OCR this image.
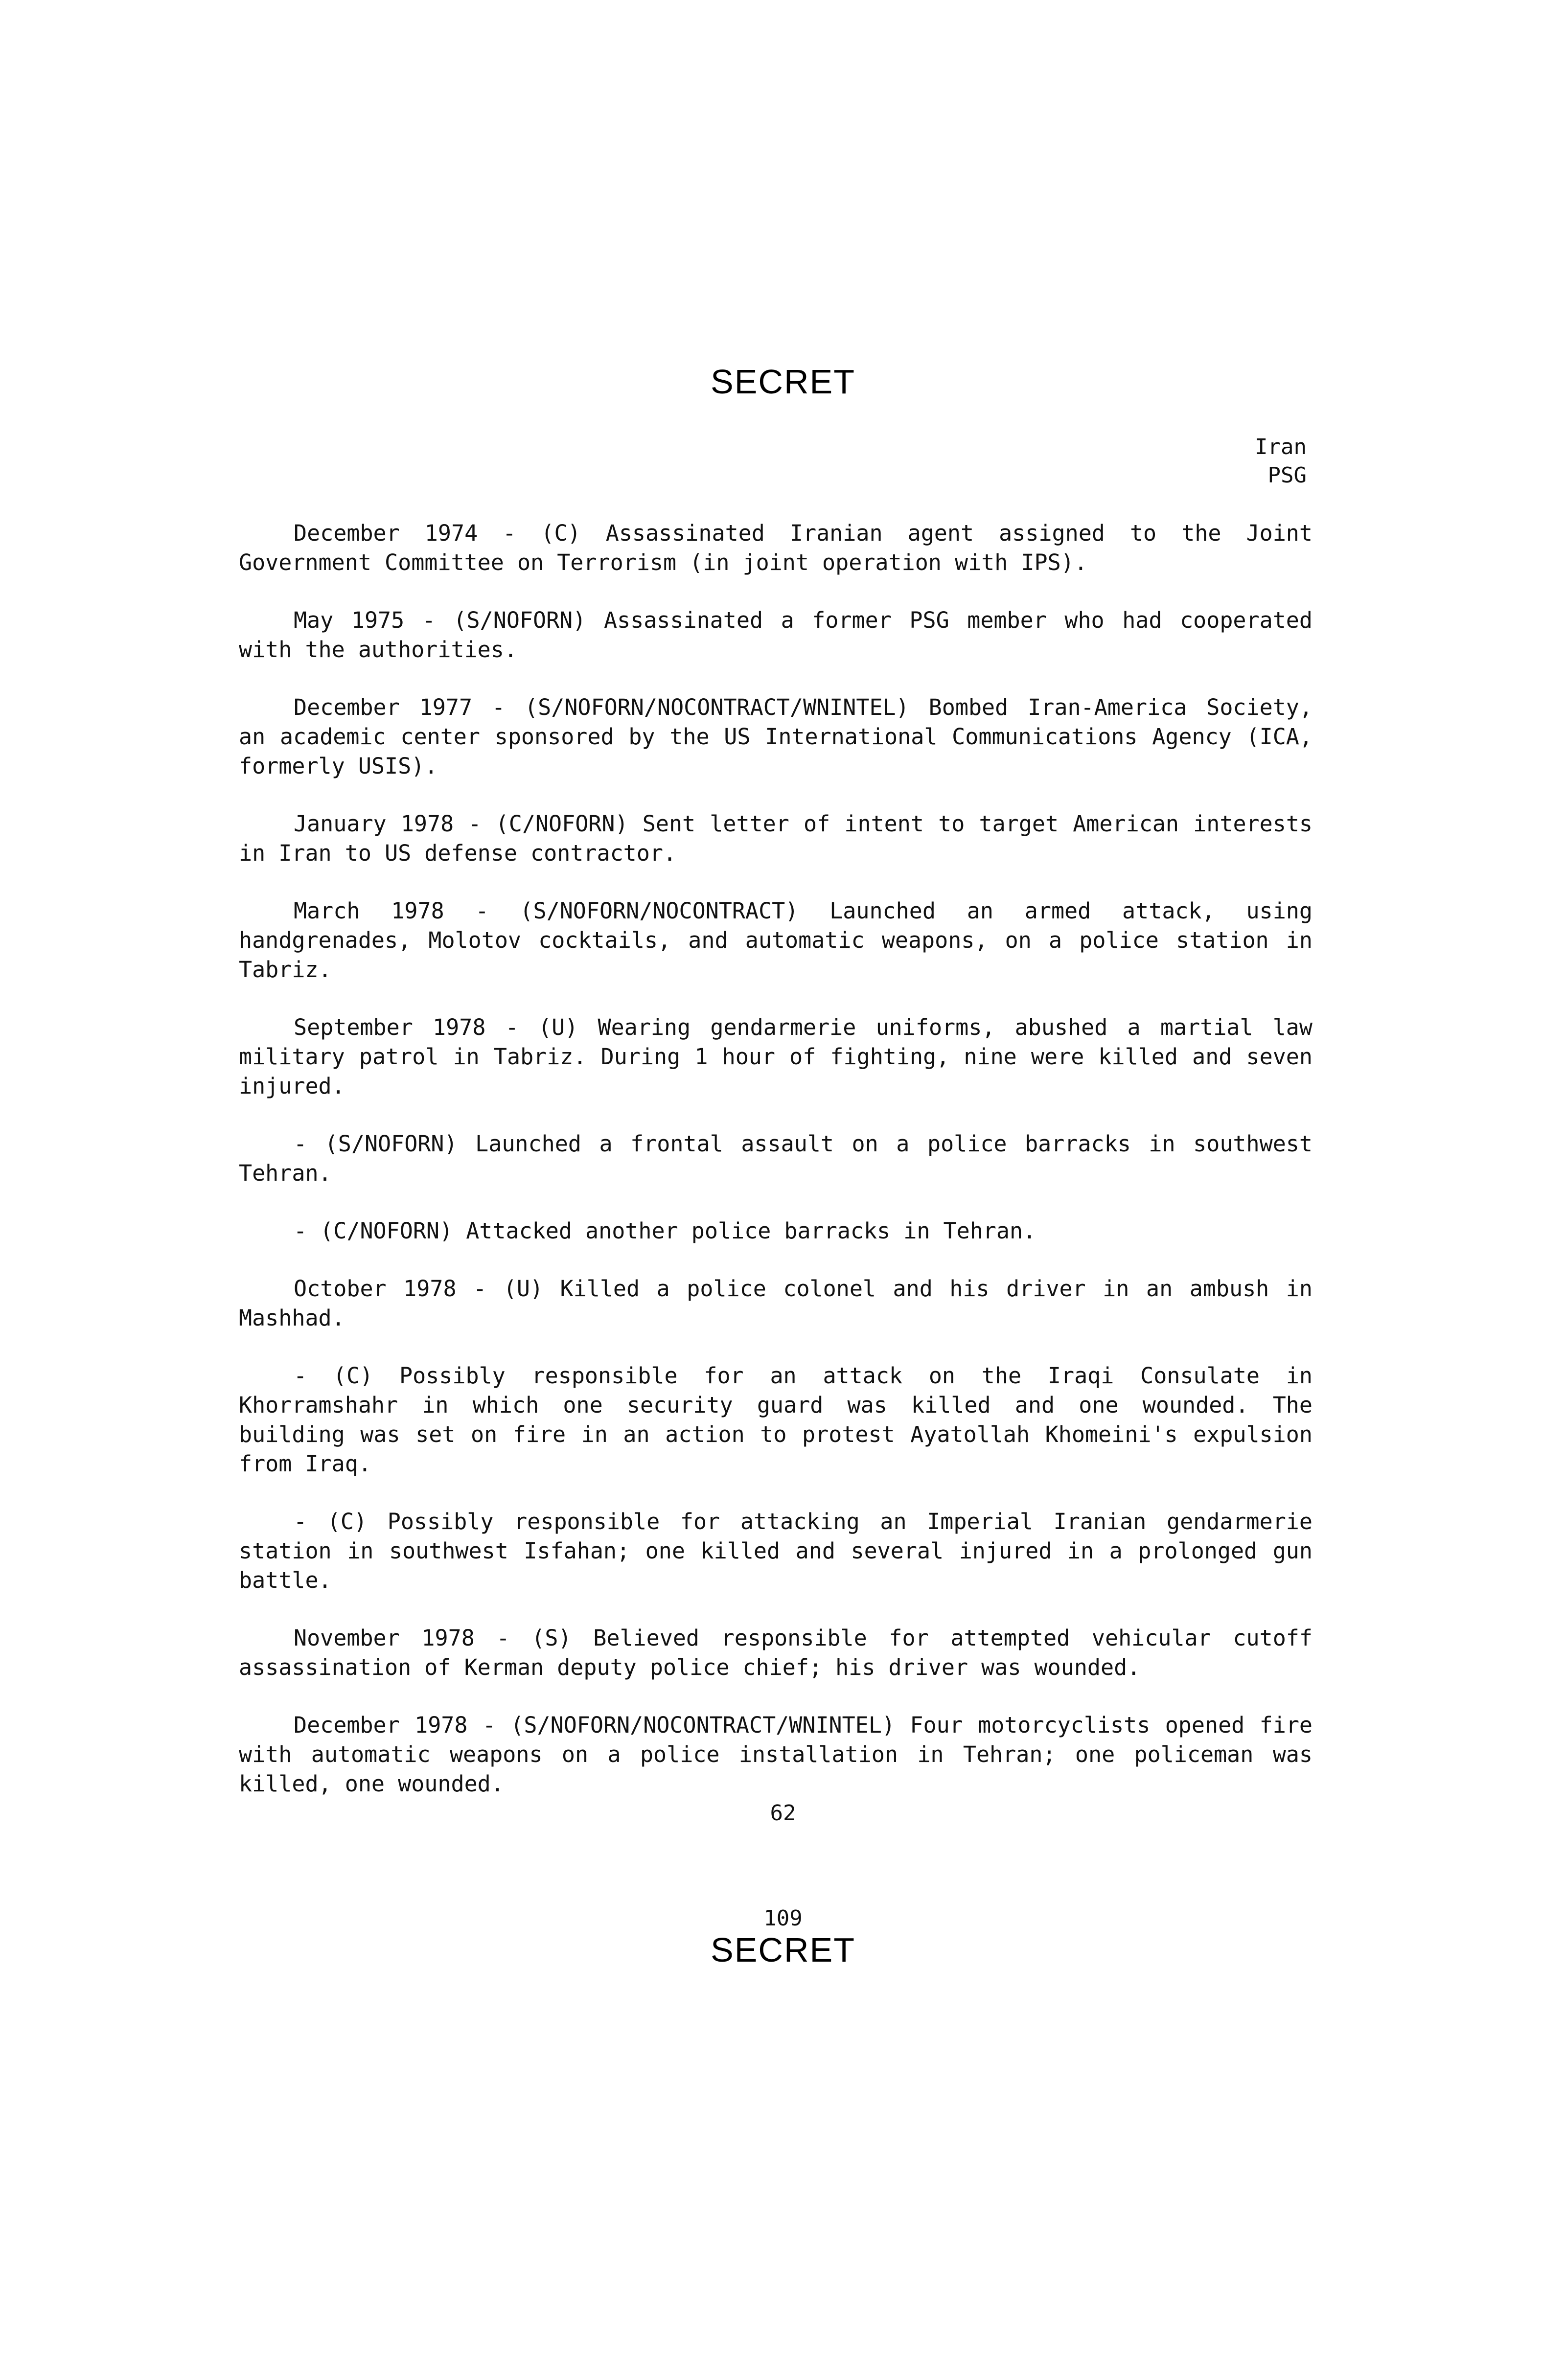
SECRET
Iran
PSG

December 1974 - (C) Assassinated Iranian agent assigned to the Joint Government Committee on Terrorism (in joint operation with IPS).

May 1975 - (S/NOFORN) Assassinated a former PSG member who had cooperated with the authorities.

December 1977 - (S/NOFORN/NOCONTRACT/WNINTEL) Bombed Iran-America Society, an academic center sponsored by the US International Communications Agency (ICA, formerly USIS).

January 1978 - (C/NOFORN) Sent letter of intent to target American interests in Iran to US defense contractor.

March 1978 - (S/NOFORN/NOCONTRACT) Launched an armed attack, using handgrenades, Molotov cocktails, and automatic weapons, on a police station in Tabriz.

September 1978 - (U) Wearing gendarmerie uniforms, abushed a martial law military patrol in Tabriz. During 1 hour of fighting, nine were killed and seven injured.

- (S/NOFORN) Launched a frontal assault on a police barracks in southwest Tehran.

- (C/NOFORN) Attacked another police barracks in Tehran.

October 1978 - (U) Killed a police colonel and his driver in an ambush in Mashhad.

- (C) Possibly responsible for an attack on the Iraqi Consulate in Khorramshahr in which one security guard was killed and one wounded. The building was set on fire in an action to protest Ayatollah Khomeini's expulsion from Iraq.

- (C) Possibly responsible for attacking an Imperial Iranian gendarmerie station in southwest Isfahan; one killed and several injured in a prolonged gun battle.

November 1978 - (S) Believed responsible for attempted vehicular cutoff assassination of Kerman deputy police chief; his driver was wounded.

December 1978 - (S/NOFORN/NOCONTRACT/WNINTEL) Four motorcyclists opened fire with automatic weapons on a police installation in Tehran; one policeman was killed, one wounded.

62
109
SECRET
